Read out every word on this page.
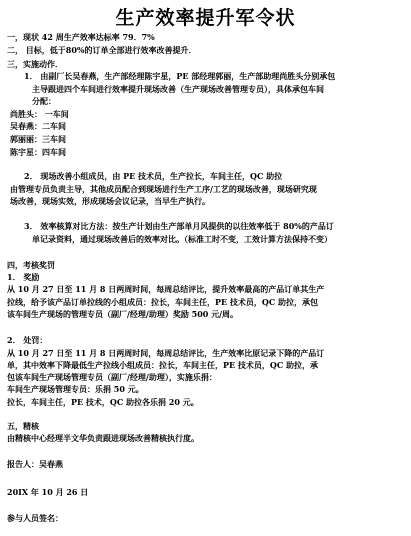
生产效率提升军令状
一，现状 42 周生产效率达标率 79．7%
二， 目标，低于80%的订单全部进行效率改善提升．
三，实施动作．
1． 由副厂长吴春燕，生产部经理陈宇星，PE 部经理郭丽，生产部助理尚胜头分别承包
主导跟进四个车间进行效率提升现场改善（生产现场改善管理专员），具体承包车间
分配：
尚胜头： 一车间
吴春燕：二车间
郭丽丽：三车间
陈宇星：四车间
2． 现场改善小组成员，由 PE 技术员，生产拉长，车间主任，QC 助拉
由管理专员负责主导，其他成员配合到现场进行生产工序/工艺的现场改善，现场研究现
场改善，现场实效，形成现场会议记录，当早生产执行。
3． 效率核算对比方法：按生产计划由生产部单月风提供的以往效率低于 80%的产品订
单记录资料，通过现场改善后的效率对比。（标准工时不变，工效计算方法保持不变）
四，考核奖罚
1． 奖励
从 10 月 27 日至 11 月 8 日两周时间，每周总结评比，提升效率最高的产品订单其生产
拉线，给予该产品订单拉线的小组成员：拉长，车间主任，PE 技术员，QC 助拉，承包
该车间生产现场的管理专员（副厂/经理/助理）奖励 500 元/周。
2． 处罚：
从 10 月 27 日至 11 月 8 日两周时间，每周总结评比，生产效率比原记录下降的产品订
单，其中效率下降最低生产拉线小组成员：拉长，车间主任，PE 技术员，QC 助拉，承
包该车间生产现场管理专员（副厂/经理/助理），实施乐捐：
车间生产现场管理专员：乐捐 50 元。
拉长，车间主任，PE 技术，QC 助拉各乐捐 20 元。
五，精核
由精核中心经理半文华负责跟进现场改善精核执行度。
报告人：吴春燕
20IX 年 10 月 26 日
参与人员签名：
